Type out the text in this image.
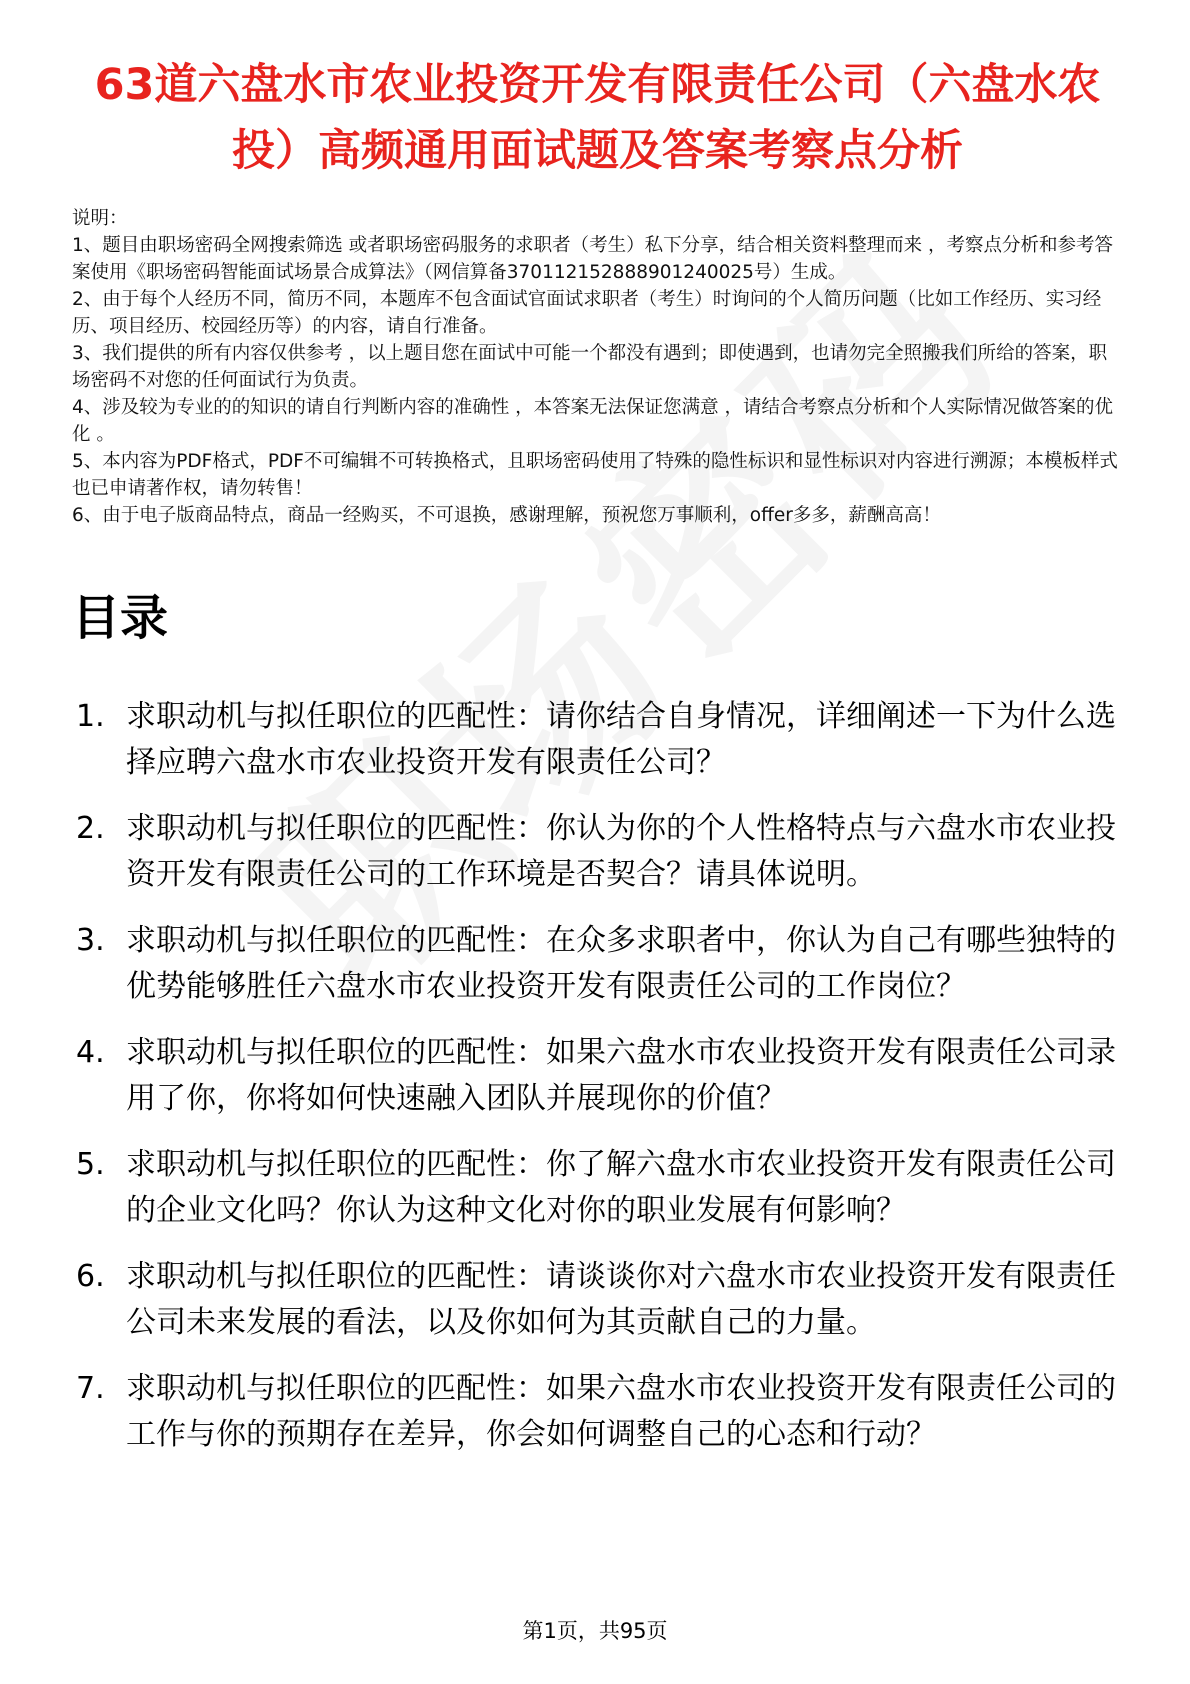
63道六盘水市农业投资开发有限责任公司（六盘水农投）高频通用面试题及答案考察点分析

说明：

1、题目由职场密码全网搜索筛选 或者职场密码服务的求职者（考生）私下分享，结合相关资料整理而来 ，考察点分析和参考答案使用《职场密码智能面试场景合成算法》（网信算备370112152888901240025号）生成。

2、由于每个人经历不同，简历不同，本题库不包含面试官面试求职者（考生）时询问的个人简历问题（比如工作经历、实习经历、项目经历、校园经历等）的内容，请自行准备。

3、我们提供的所有内容仅供参考 ，以上题目您在面试中可能一个都没有遇到；即使遇到，也请勿完全照搬我们所给的答案，职场密码不对您的任何面试行为负责。

4、涉及较为专业的的知识的请自行判断内容的准确性 ，本答案无法保证您满意 ，请结合考察点分析和个人实际情况做答案的优化 。

5、本内容为PDF格式，PDF不可编辑不可转换格式，且职场密码使用了特殊的隐性标识和显性标识对内容进行溯源；本模板样式也已申请著作权，请勿转售！

6、由于电子版商品特点，商品一经购买，不可退换，感谢理解，预祝您万事顺利，offer多多，薪酬高高！

目录
1. 求职动机与拟任职位的匹配性：请你结合自身情况，详细阐述一下为什么选择应聘六盘水市农业投资开发有限责任公司？
2. 求职动机与拟任职位的匹配性：你认为你的个人性格特点与六盘水市农业投资开发有限责任公司的工作环境是否契合？请具体说明。
3. 求职动机与拟任职位的匹配性：在众多求职者中，你认为自己有哪些独特的优势能够胜任六盘水市农业投资开发有限责任公司的工作岗位？
4. 求职动机与拟任职位的匹配性：如果六盘水市农业投资开发有限责任公司录用了你，你将如何快速融入团队并展现你的价值？
5. 求职动机与拟任职位的匹配性：你了解六盘水市农业投资开发有限责任公司的企业文化吗？你认为这种文化对你的职业发展有何影响？
6. 求职动机与拟任职位的匹配性：请谈谈你对六盘水市农业投资开发有限责任公司未来发展的看法，以及你如何为其贡献自己的力量。
7. 求职动机与拟任职位的匹配性：如果六盘水市农业投资开发有限责任公司的工作与你的预期存在差异，你会如何调整自己的心态和行动？
第1页，共95页
